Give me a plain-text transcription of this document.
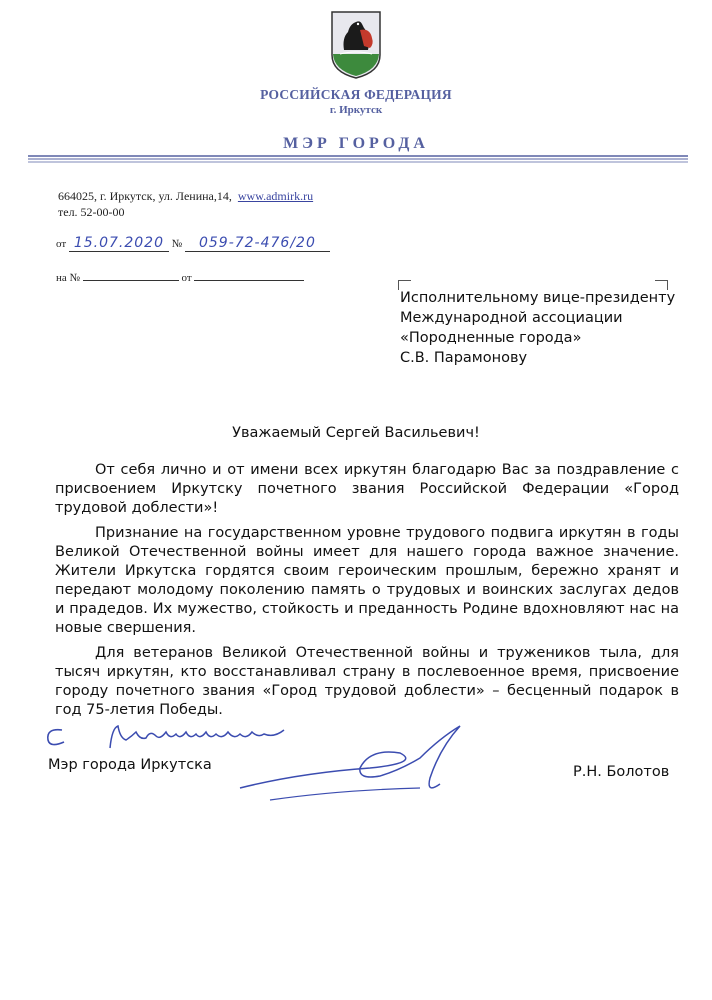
РОССИЙСКАЯ ФЕДЕРАЦИЯ
г. Иркутск
МЭР ГОРОДА
664025, г. Иркутск, ул. Ленина,14, www.admirk.ru
тел. 52-00-00
от 15.07.2020 № 059-72-476/20
на №	от
Исполнительному вице-президенту
Международной ассоциации
«Породненные города»
С.В. Парамонову
Уважаемый Сергей Васильевич!

От себя лично и от имени всех иркутян благодарю Вас за поздравление с присвоением Иркутску почетного звания Российской Федерации «Город трудовой доблести»!

Признание на государственном уровне трудового подвига иркутян в годы Великой Отечественной войны имеет для нашего города важное значение. Жители Иркутска гордятся своим героическим прошлым, бережно хранят и передают молодому поколению память о трудовых и воинских заслугах дедов и прадедов. Их мужество, стойкость и преданность Родине вдохновляют нас на новые свершения.

Для ветеранов Великой Отечественной войны и тружеников тыла, для тысяч иркутян, кто восстанавливал страну в послевоенное время, присвоение городу почетного звания «Город трудовой доблести» – бесценный подарок в год 75-летия Победы.

Мэр города Иркутска	Р.Н. Болотов
